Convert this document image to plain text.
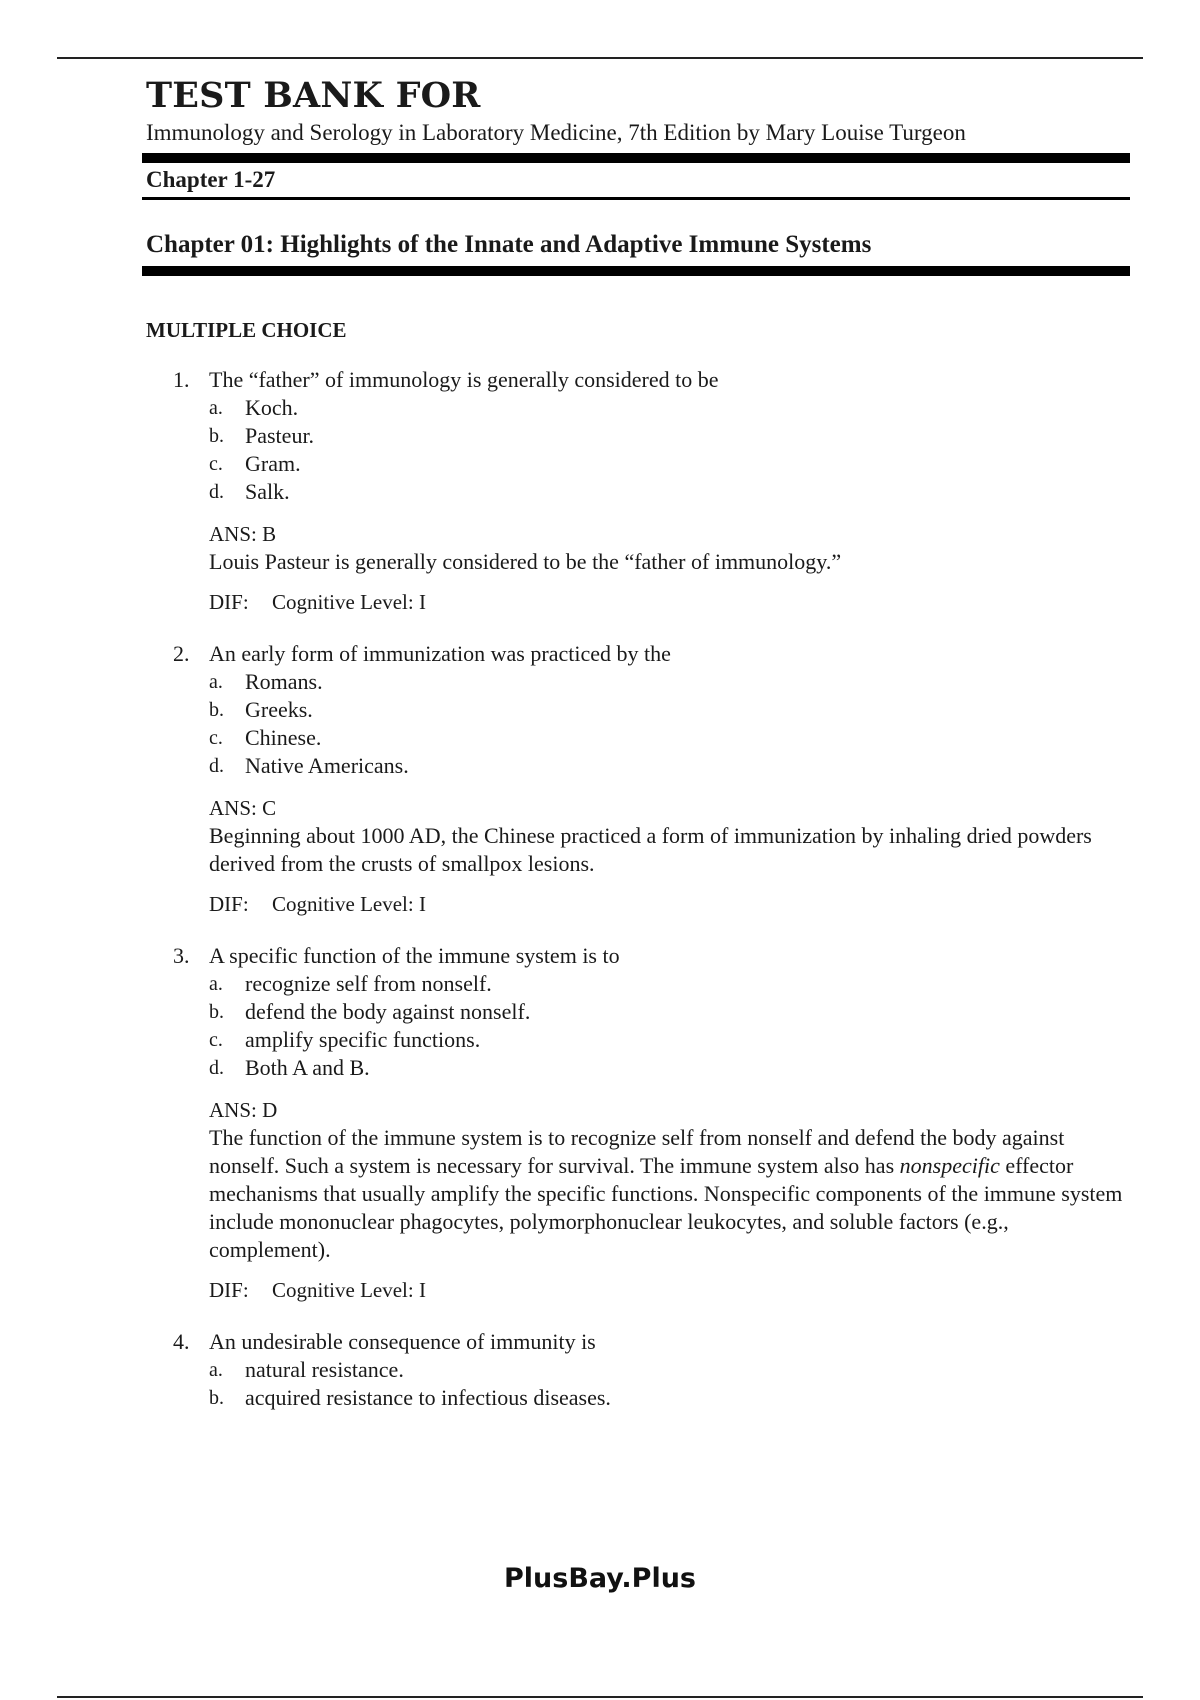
TEST BANK FOR
Immunology and Serology in Laboratory Medicine, 7th Edition by Mary Louise Turgeon
Chapter 1-27
Chapter 01: Highlights of the Innate and Adaptive Immune Systems
MULTIPLE CHOICE
1. The “father” of immunology is generally considered to be
a. Koch.
b. Pasteur.
c. Gram.
d. Salk.
ANS: B
Louis Pasteur is generally considered to be the “father of immunology.”
DIF: Cognitive Level: I
2. An early form of immunization was practiced by the
a. Romans.
b. Greeks.
c. Chinese.
d. Native Americans.
ANS: C
Beginning about 1000 AD, the Chinese practiced a form of immunization by inhaling dried powders derived from the crusts of smallpox lesions.
DIF: Cognitive Level: I
3. A specific function of the immune system is to
a. recognize self from nonself.
b. defend the body against nonself.
c. amplify specific functions.
d. Both A and B.
ANS: D
The function of the immune system is to recognize self from nonself and defend the body against nonself. Such a system is necessary for survival. The immune system also has nonspecific effector mechanisms that usually amplify the specific functions. Nonspecific components of the immune system include mononuclear phagocytes, polymorphonuclear leukocytes, and soluble factors (e.g., complement).
DIF: Cognitive Level: I
4. An undesirable consequence of immunity is
a. natural resistance.
b. acquired resistance to infectious diseases.
PlusBay.Plus
